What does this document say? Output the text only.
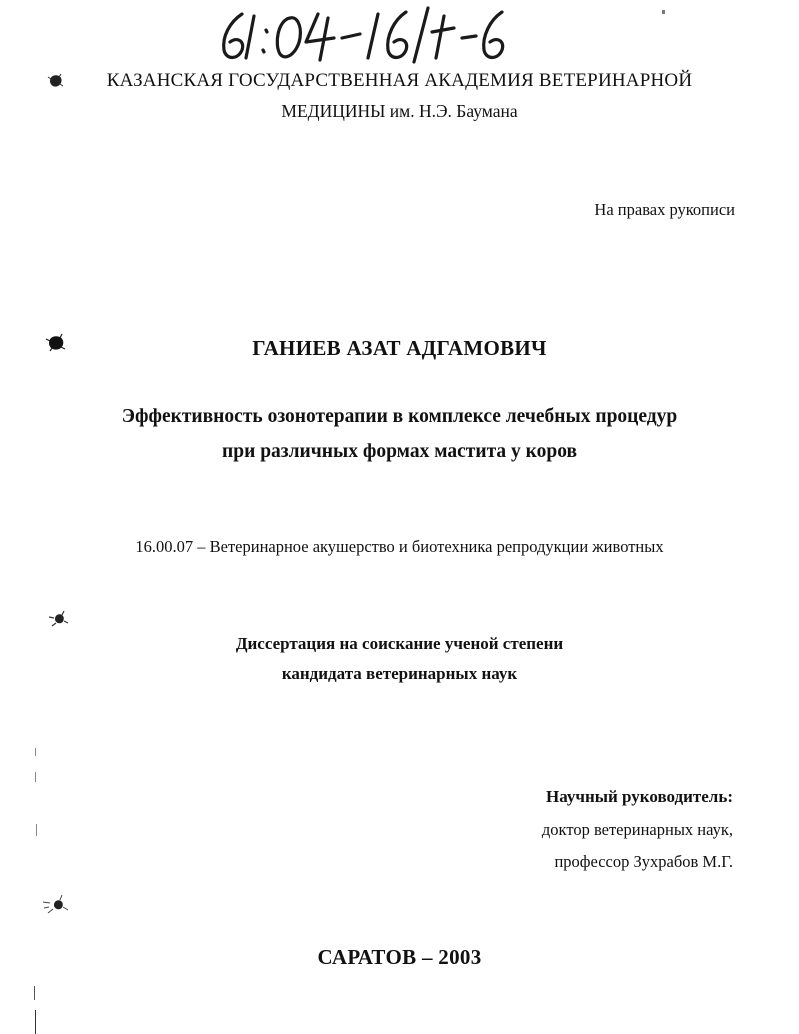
КАЗАНСКАЯ ГОСУДАРСТВЕННАЯ АКАДЕМИЯ ВЕТЕРИНАРНОЙ
МЕДИЦИНЫ им. Н.Э. Баумана
На правах рукописи
ГАНИЕВ АЗАТ АДГАМОВИЧ
Эффективность озонотерапии в комплексе лечебных процедур
при различных формах мастита у коров
16.00.07 – Ветеринарное акушерство и биотехника репродукции животных
Диссертация на соискание ученой степени
кандидата ветеринарных наук
Научный руководитель:
доктор ветеринарных наук,
профессор Зухрабов М.Г.
САРАТОВ – 2003
